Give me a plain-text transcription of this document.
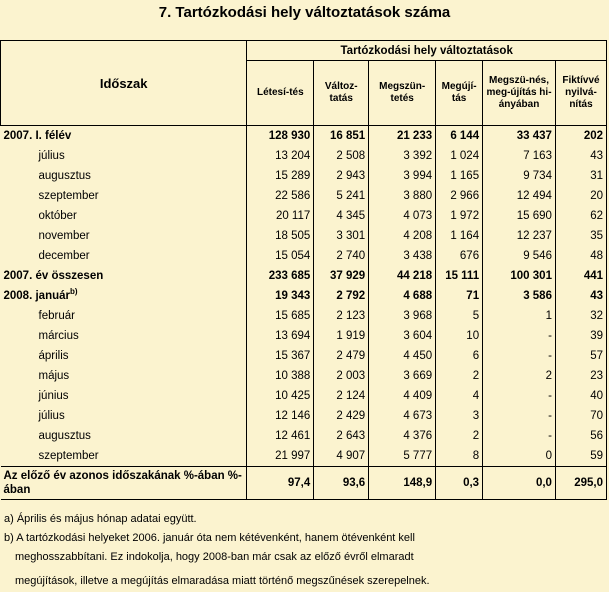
7. Tartózkodási hely változtatások száma
Időszak	Tartózkodási hely változtatások					
	Létesí-tés	Változ-tatás	Megszün-tetés	Megújí-tás	Megszü-nés, meg-újítás hi-ányában	Fiktívvé nyilvá-nítás
2007. I. félév	128 930	16 851	21 233	6 144	33 437	202
július	13 204	2 508	3 392	1 024	7 163	43
augusztus	15 289	2 943	3 994	1 165	9 734	31
szeptember	22 586	5 241	3 880	2 966	12 494	20
október	20 117	4 345	4 073	1 972	15 690	62
november	18 505	3 301	4 208	1 164	12 237	35
december	15 054	2 740	3 438	676	9 546	48
2007. év összesen	233 685	37 929	44 218	15 111	100 301	441
2008. január$^{b)}$	19 343	2 792	4 688	71	3 586	43
február	15 685	2 123	3 968	5	1	32
március	13 694	1 919	3 604	10	-	39
április	15 367	2 479	4 450	6	-	57
május	10 388	2 003	3 669	2	2	23
június	10 425	2 124	4 409	4	-	40
július	12 146	2 429	4 673	3	-	70
augusztus	12 461	2 643	4 376	2	-	56
szeptember	21 997	4 907	5 777	8	0	59
Az előző év azonos időszakának %-ában %-ában	97,4	93,6	148,9	0,3	0,0	295,0

a) Április és május hónap adatai együtt.

b) A tartózkodási helyeket 2006. január óta nem kétévenként, hanem ötévenként kell

meghosszabbítani. Ez indokolja, hogy 2008-ban már csak az előző évről elmaradt

megújítások, illetve a megújítás elmaradása miatt történő megszűnések szerepelnek.
